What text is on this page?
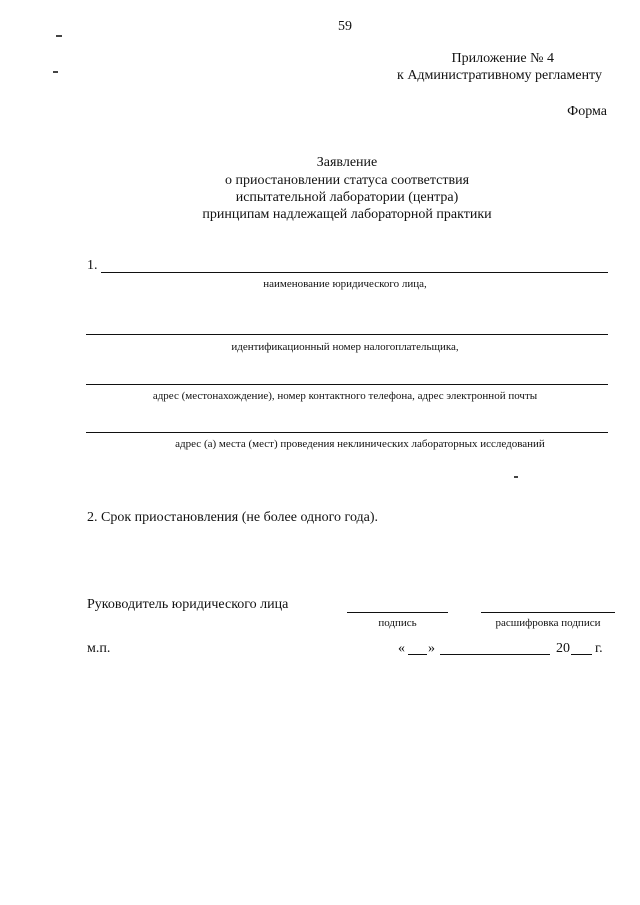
59
Приложение № 4
к Административному регламенту
Форма
Заявление
о приостановлении статуса соответствия
испытательной лаборатории (центра)
принципам надлежащей лабораторной практики
1.
наименование юридического лица,
идентификационный номер налогоплательщика,
адрес (местонахождение), номер контактного телефона, адрес электронной почты
адрес (а) места (мест) проведения неклинических лабораторных исследований
2. Срок приостановления (не более одного года).
Руководитель юридического лица
подпись	расшифровка подписи
м.п.	« »	20 г.
